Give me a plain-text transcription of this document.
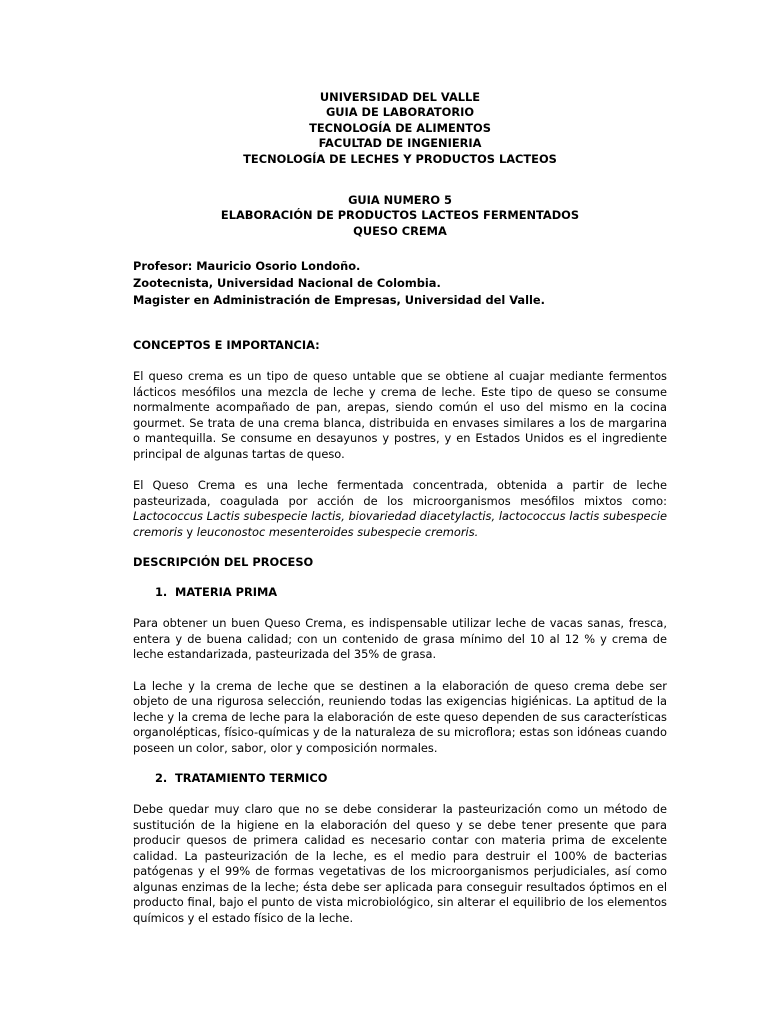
UNIVERSIDAD DEL VALLE
GUIA DE LABORATORIO
TECNOLOGÍA DE ALIMENTOS
FACULTAD DE INGENIERIA
TECNOLOGÍA DE LECHES Y PRODUCTOS LACTEOS
GUIA NUMERO 5
ELABORACIÓN DE PRODUCTOS LACTEOS FERMENTADOS
QUESO CREMA
Profesor: Mauricio Osorio Londoño.
Zootecnista, Universidad Nacional de Colombia.
Magister en Administración de Empresas, Universidad del Valle.
CONCEPTOS E IMPORTANCIA:

El queso crema es un tipo de queso untable que se obtiene al cuajar mediante fermentos lácticos mesófilos una mezcla de leche y crema de leche. Este tipo de queso se consume normalmente acompañado de pan, arepas, siendo común el uso del mismo en la cocina gourmet. Se trata de una crema blanca, distribuida en envases similares a los de margarina o mantequilla. Se consume en desayunos y postres, y en Estados Unidos es el ingrediente principal de algunas tartas de queso.

El Queso Crema es una leche fermentada concentrada, obtenida a partir de leche pasteurizada, coagulada por acción de los microorganismos mesófilos mixtos como: Lactococcus Lactis subespecie lactis, biovariedad diacetylactis, lactococcus lactis subespecie cremoris y leuconostoc mesenteroides subespecie cremoris.

DESCRIPCIÓN DEL PROCESO
1. MATERIA PRIMA

Para obtener un buen Queso Crema, es indispensable utilizar leche de vacas sanas, fresca, entera y de buena calidad; con un contenido de grasa mínimo del 10 al 12 % y crema de leche estandarizada, pasteurizada del 35% de grasa.

La leche y la crema de leche que se destinen a la elaboración de queso crema debe ser objeto de una rigurosa selección, reuniendo todas las exigencias higiénicas. La aptitud de la leche y la crema de leche para la elaboración de este queso dependen de sus características organolépticas, físico-químicas y de la naturaleza de su microflora; estas son idóneas cuando poseen un color, sabor, olor y composición normales.

2. TRATAMIENTO TERMICO

Debe quedar muy claro que no se debe considerar la pasteurización como un método de sustitución de la higiene en la elaboración del queso y se debe tener presente que para producir quesos de primera calidad es necesario contar con materia prima de excelente calidad. La pasteurización de la leche, es el medio para destruir el 100% de bacterias patógenas y el 99% de formas vegetativas de los microorganismos perjudiciales, así como algunas enzimas de la leche; ésta debe ser aplicada para conseguir resultados óptimos en el producto final, bajo el punto de vista microbiológico, sin alterar el equilibrio de los elementos químicos y el estado físico de la leche.
